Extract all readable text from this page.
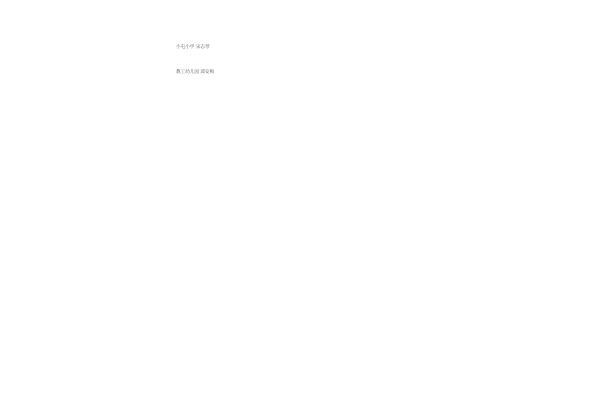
小屯小学 宋志琴

教工幼儿园 邱安梅
